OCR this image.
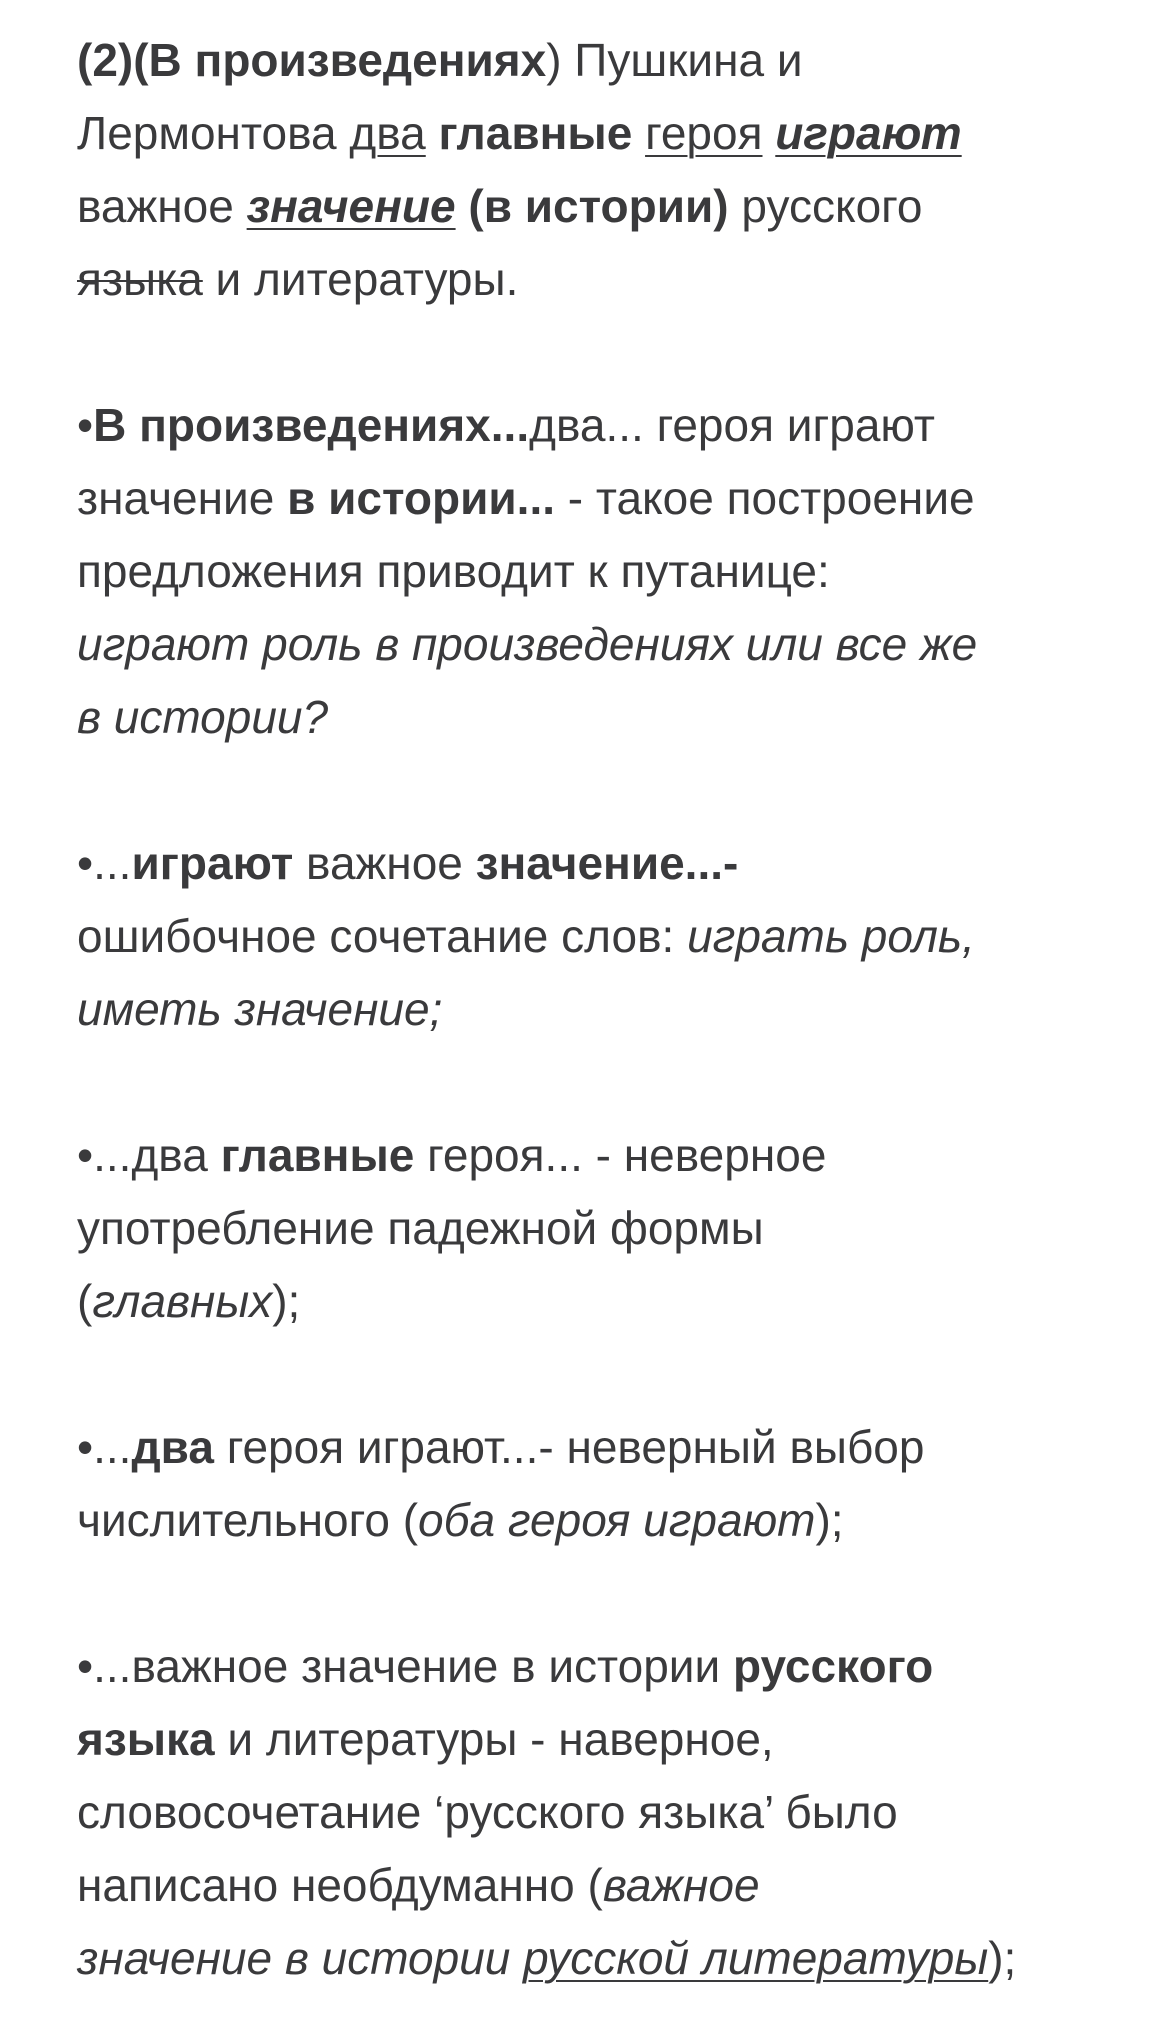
(2)(В произведениях) Пушкина и
Лермонтова два главные героя играют
важное значение (в истории) русского
языка и литературы.
•В произведениях...два... героя играют
значение в истории... - такое построение
предложения приводит к путанице:
играют роль в произведениях или все же
в истории?
•...играют важное значение...-
ошибочное сочетание слов: играть роль,
иметь значение;
•...два главные героя... - неверное
употребление падежной формы
(главных);
•...два героя играют...- неверный выбор
числительного (оба героя играют);
•...важное значение в истории русского
языка и литературы - наверное,
словосочетание ‘русского языка’ было
написано необдуманно (важное
значение в истории русской литературы);
